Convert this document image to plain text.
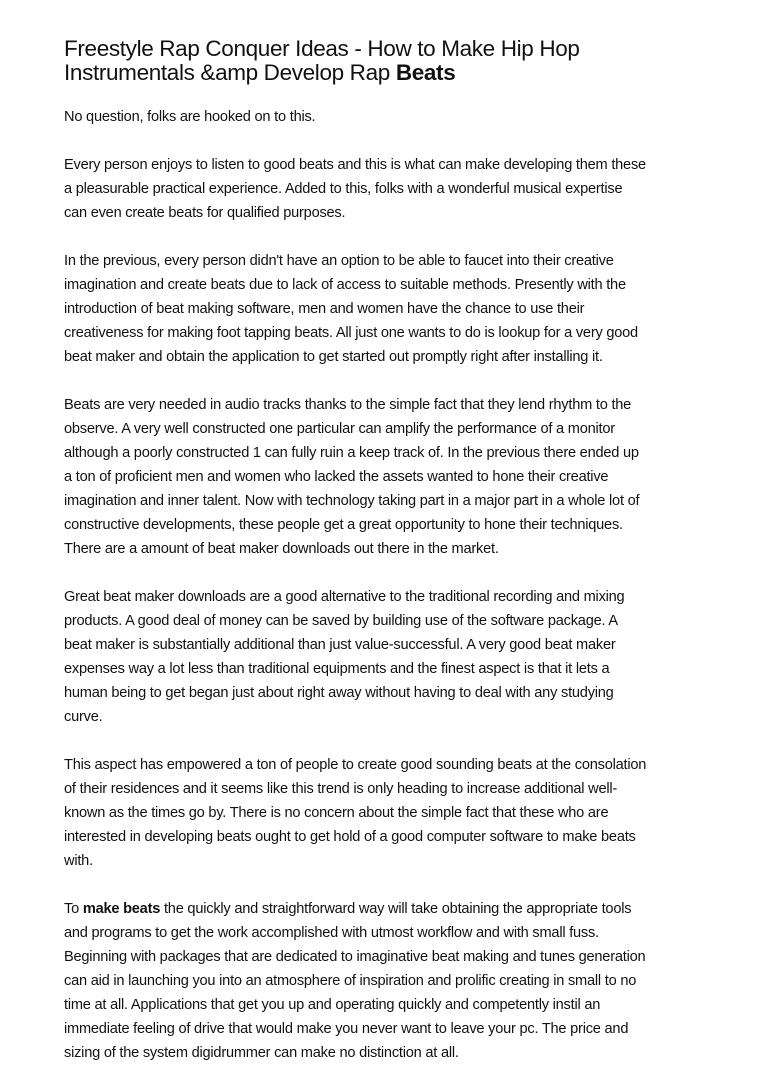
Freestyle Rap Conquer Ideas - How to Make Hip Hop
Instrumentals &amp Develop Rap Beats

No question, folks are hooked on to this.

Every person enjoys to listen to good beats and this is what can make developing them these
a pleasurable practical experience. Added to this, folks with a wonderful musical expertise
can even create beats for qualified purposes.

In the previous, every person didn't have an option to be able to faucet into their creative
imagination and create beats due to lack of access to suitable methods. Presently with the
introduction of beat making software, men and women have the chance to use their
creativeness for making foot tapping beats. All just one wants to do is lookup for a very good
beat maker and obtain the application to get started out promptly right after installing it.

Beats are very needed in audio tracks thanks to the simple fact that they lend rhythm to the
observe. A very well constructed one particular can amplify the performance of a monitor
although a poorly constructed 1 can fully ruin a keep track of. In the previous there ended up
a ton of proficient men and women who lacked the assets wanted to hone their creative
imagination and inner talent. Now with technology taking part in a major part in a whole lot of
constructive developments, these people get a great opportunity to hone their techniques.
There are a amount of beat maker downloads out there in the market.

Great beat maker downloads are a good alternative to the traditional recording and mixing
products. A good deal of money can be saved by building use of the software package. A
beat maker is substantially additional than just value-successful. A very good beat maker
expenses way a lot less than traditional equipments and the finest aspect is that it lets a
human being to get began just about right away without having to deal with any studying
curve.

This aspect has empowered a ton of people to create good sounding beats at the consolation
of their residences and it seems like this trend is only heading to increase additional well-
known as the times go by. There is no concern about the simple fact that these who are
interested in developing beats ought to get hold of a good computer software to make beats
with.

To make beats the quickly and straightforward way will take obtaining the appropriate tools
and programs to get the work accomplished with utmost workflow and with small fuss.
Beginning with packages that are dedicated to imaginative beat making and tunes generation
can aid in launching you into an atmosphere of inspiration and prolific creating in small to no
time at all. Applications that get you up and operating quickly and competently instil an
immediate feeling of drive that would make you never want to leave your pc. The price and
sizing of the system digidrummer can make no distinction at all.
